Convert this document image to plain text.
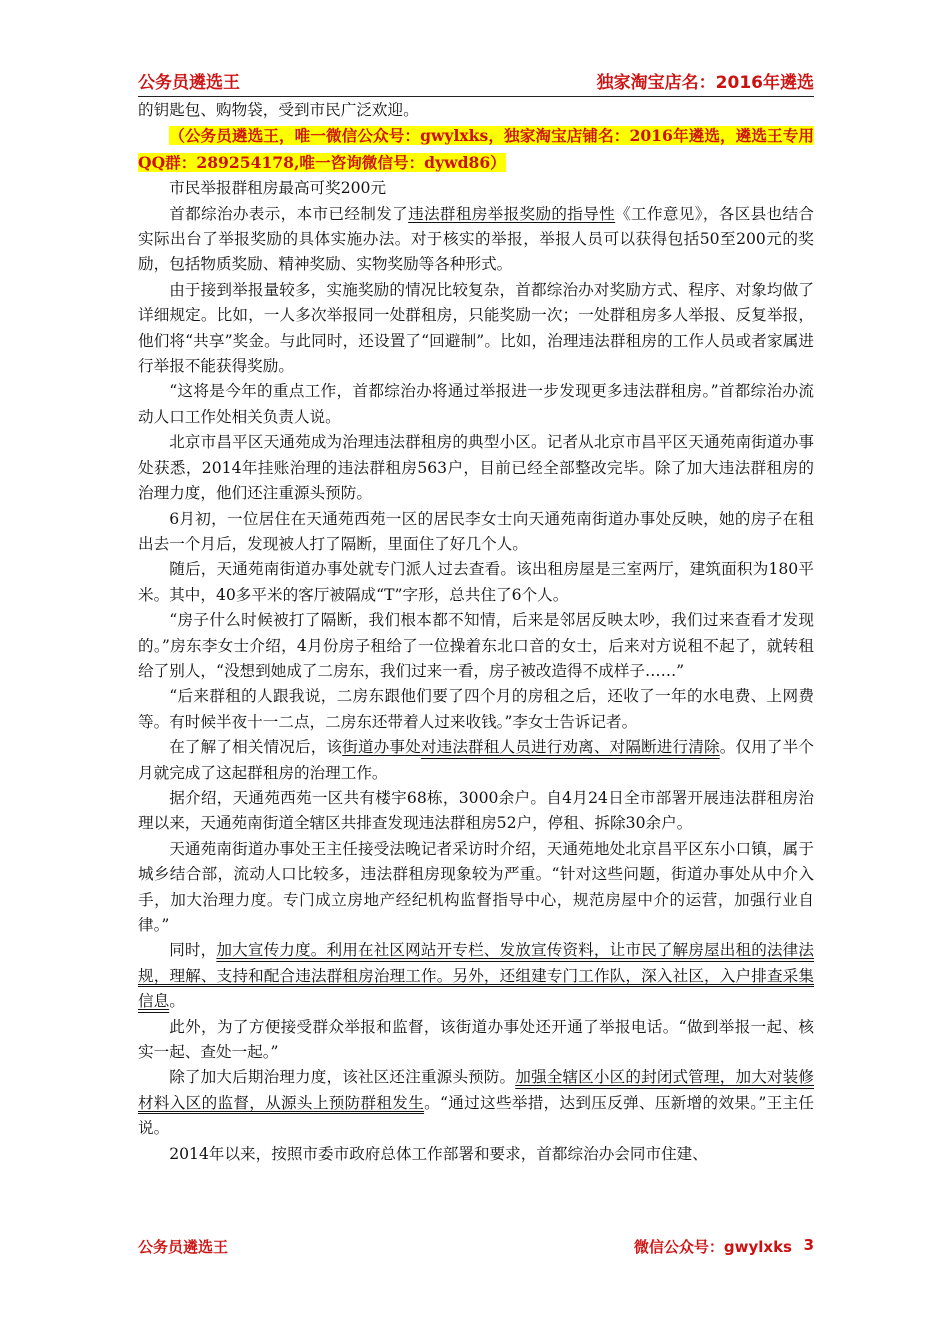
公务员遴选王	独家淘宝店名：2016年遴选

的钥匙包、购物袋，受到市民广泛欢迎。

（公务员遴选王，唯一微信公众号：gwylxks，独家淘宝店铺名：2016年遴选，遴选王专用QQ群：289254178,唯一咨询微信号：dywd86）

市民举报群租房最高可奖200元

首都综治办表示，本市已经制发了违法群租房举报奖励的指导性《工作意见》，各区县也结合实际出台了举报奖励的具体实施办法。对于核实的举报，举报人员可以获得包括50至200元的奖励，包括物质奖励、精神奖励、实物奖励等各种形式。

由于接到举报量较多，实施奖励的情况比较复杂，首都综治办对奖励方式、程序、对象均做了详细规定。比如，一人多次举报同一处群租房，只能奖励一次；一处群租房多人举报、反复举报，他们将“共享”奖金。与此同时，还设置了“回避制”。比如，治理违法群租房的工作人员或者家属进行举报不能获得奖励。

“这将是今年的重点工作，首都综治办将通过举报进一步发现更多违法群租房。”首都综治办流动人口工作处相关负责人说。

北京市昌平区天通苑成为治理违法群租房的典型小区。记者从北京市昌平区天通苑南街道办事处获悉，2014年挂账治理的违法群租房563户，目前已经全部整改完毕。除了加大违法群租房的治理力度，他们还注重源头预防。

6月初，一位居住在天通苑西苑一区的居民李女士向天通苑南街道办事处反映，她的房子在租出去一个月后，发现被人打了隔断，里面住了好几个人。

随后，天通苑南街道办事处就专门派人过去查看。该出租房屋是三室两厅，建筑面积为180平米。其中，40多平米的客厅被隔成“T”字形，总共住了6个人。

“房子什么时候被打了隔断，我们根本都不知情，后来是邻居反映太吵，我们过来查看才发现的。”房东李女士介绍，4月份房子租给了一位操着东北口音的女士，后来对方说租不起了，就转租给了别人，“没想到她成了二房东，我们过来一看，房子被改造得不成样子……”

“后来群租的人跟我说，二房东跟他们要了四个月的房租之后，还收了一年的水电费、上网费等。有时候半夜十一二点，二房东还带着人过来收钱。”李女士告诉记者。

在了解了相关情况后，该街道办事处对违法群租人员进行劝离、对隔断进行清除。仅用了半个月就完成了这起群租房的治理工作。

据介绍，天通苑西苑一区共有楼宇68栋，3000余户。自4月24日全市部署开展违法群租房治理以来，天通苑南街道全辖区共排查发现违法群租房52户，停租、拆除30余户。

天通苑南街道办事处王主任接受法晚记者采访时介绍，天通苑地处北京昌平区东小口镇，属于城乡结合部，流动人口比较多，违法群租房现象较为严重。“针对这些问题，街道办事处从中介入手，加大治理力度。专门成立房地产经纪机构监督指导中心，规范房屋中介的运营，加强行业自律。”

同时，加大宣传力度。利用在社区网站开专栏、发放宣传资料，让市民了解房屋出租的法律法规，理解、支持和配合违法群租房治理工作。另外，还组建专门工作队，深入社区，入户排查采集信息。

此外，为了方便接受群众举报和监督，该街道办事处还开通了举报电话。“做到举报一起、核实一起、查处一起。”

除了加大后期治理力度，该社区还注重源头预防。加强全辖区小区的封闭式管理，加大对装修材料入区的监督，从源头上预防群租发生。“通过这些举措，达到压反弹、压新增的效果。”王主任说。

2014年以来，按照市委市政府总体工作部署和要求，首都综治办会同市住建、

公务员遴选王	微信公众号：gwylxks 3
